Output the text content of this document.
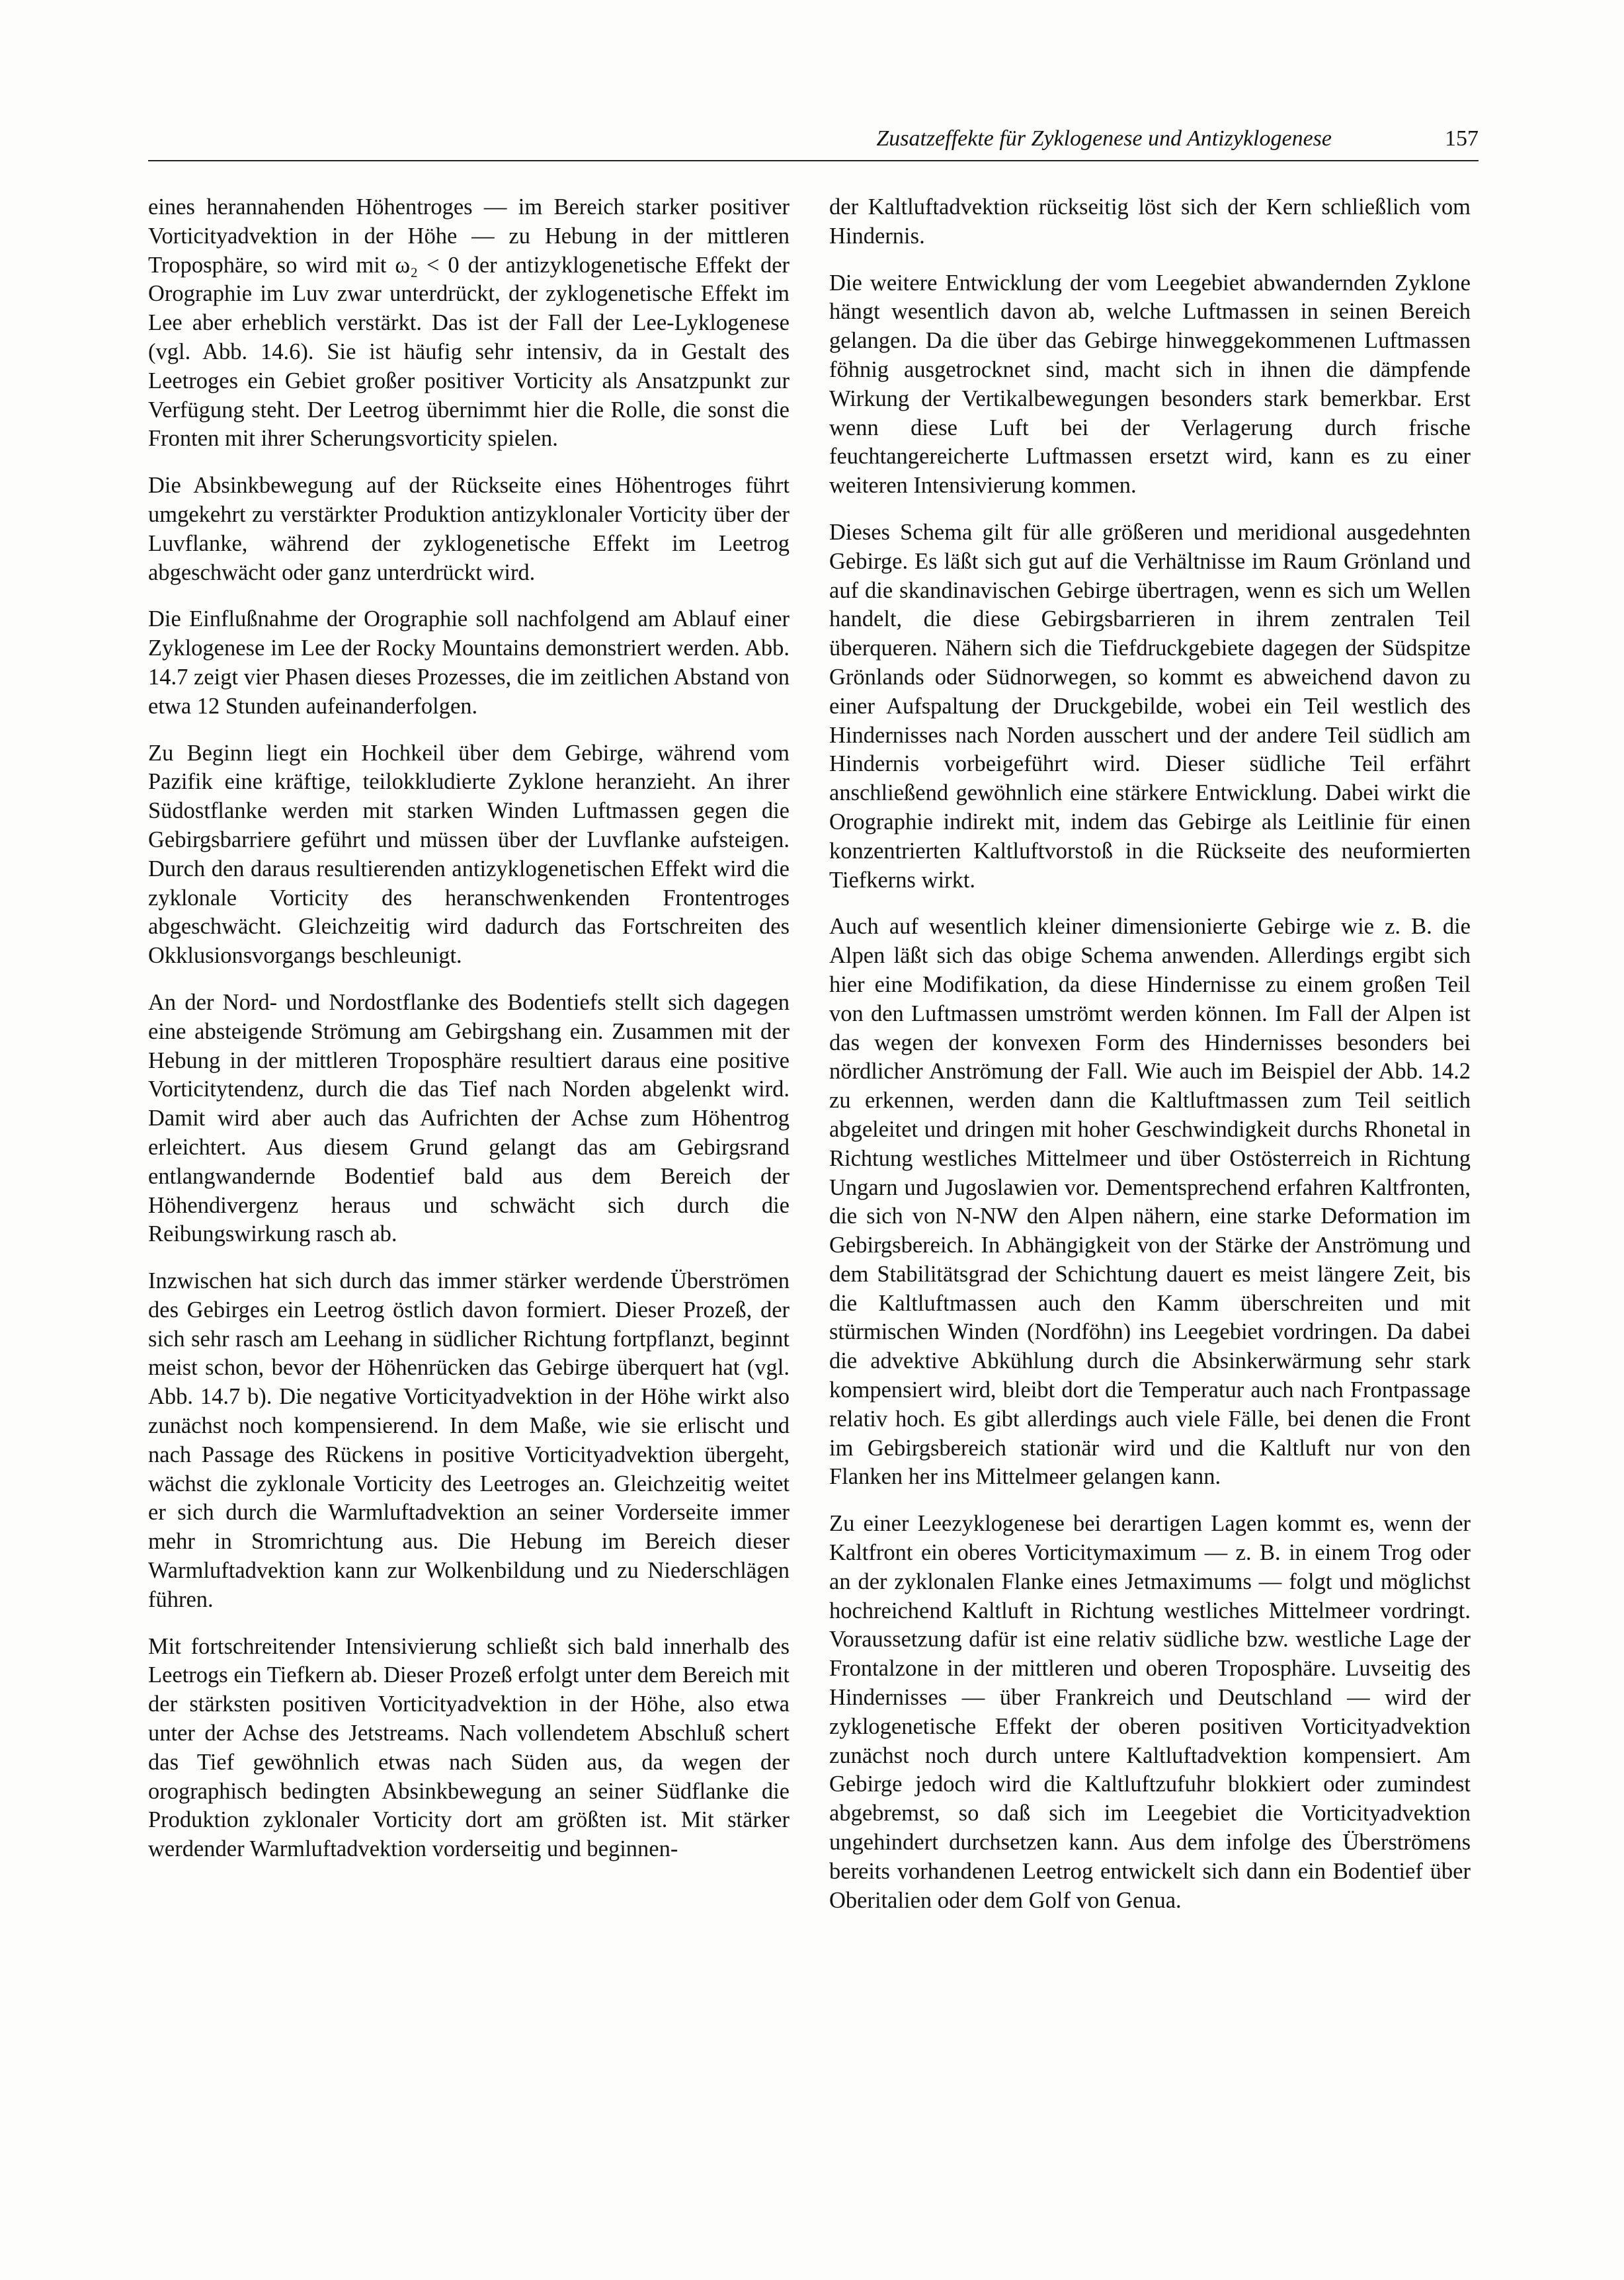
Zusatzeffekte für Zyklogenese und Antizyklogenese	157

eines herannahenden Höhentroges — im Bereich starker positiver Vorticityadvektion in der Höhe — zu Hebung in der mittleren Troposphäre, so wird mit ω₂ < 0 der antizyklogenetische Effekt der Orographie im Luv zwar unterdrückt, der zyklogenetische Effekt im Lee aber erheblich verstärkt. Das ist der Fall der Lee-Lyklogenese (vgl. Abb. 14.6). Sie ist häufig sehr intensiv, da in Gestalt des Leetroges ein Gebiet großer positiver Vorticity als Ansatzpunkt zur Verfügung steht. Der Leetrog übernimmt hier die Rolle, die sonst die Fronten mit ihrer Scherungsvorticity spielen.

Die Absinkbewegung auf der Rückseite eines Höhentroges führt umgekehrt zu verstärkter Produktion antizyklonaler Vorticity über der Luvflanke, während der zyklogenetische Effekt im Leetrog abgeschwächt oder ganz unterdrückt wird.

Die Einflußnahme der Orographie soll nachfolgend am Ablauf einer Zyklogenese im Lee der Rocky Mountains demonstriert werden. Abb. 14.7 zeigt vier Phasen dieses Prozesses, die im zeitlichen Abstand von etwa 12 Stunden aufeinanderfolgen.

Zu Beginn liegt ein Hochkeil über dem Gebirge, während vom Pazifik eine kräftige, teilokkludierte Zyklone heranzieht. An ihrer Südostflanke werden mit starken Winden Luftmassen gegen die Gebirgsbarriere geführt und müssen über der Luvflanke aufsteigen. Durch den daraus resultierenden antizyklogenetischen Effekt wird die zyklonale Vorticity des heranschwenkenden Frontentroges abgeschwächt. Gleichzeitig wird dadurch das Fortschreiten des Okklusionsvorgangs beschleunigt.

An der Nord- und Nordostflanke des Bodentiefs stellt sich dagegen eine absteigende Strömung am Gebirgshang ein. Zusammen mit der Hebung in der mittleren Troposphäre resultiert daraus eine positive Vorticitytendenz, durch die das Tief nach Norden abgelenkt wird. Damit wird aber auch das Aufrichten der Achse zum Höhentrog erleichtert. Aus diesem Grund gelangt das am Gebirgsrand entlangwandernde Bodentief bald aus dem Bereich der Höhendivergenz heraus und schwächt sich durch die Reibungswirkung rasch ab.

Inzwischen hat sich durch das immer stärker werdende Überströmen des Gebirges ein Leetrog östlich davon formiert. Dieser Prozeß, der sich sehr rasch am Leehang in südlicher Richtung fortpflanzt, beginnt meist schon, bevor der Höhenrücken das Gebirge überquert hat (vgl. Abb. 14.7 b). Die negative Vorticityadvektion in der Höhe wirkt also zunächst noch kompensierend. In dem Maße, wie sie erlischt und nach Passage des Rückens in positive Vorticityadvektion übergeht, wächst die zyklonale Vorticity des Leetroges an. Gleichzeitig weitet er sich durch die Warmluftadvektion an seiner Vorderseite immer mehr in Stromrichtung aus. Die Hebung im Bereich dieser Warmluftadvektion kann zur Wolkenbildung und zu Niederschlägen führen.

Mit fortschreitender Intensivierung schließt sich bald innerhalb des Leetrogs ein Tiefkern ab. Dieser Prozeß erfolgt unter dem Bereich mit der stärksten positiven Vorticityadvektion in der Höhe, also etwa unter der Achse des Jetstreams. Nach vollendetem Abschluß schert das Tief gewöhnlich etwas nach Süden aus, da wegen der orographisch bedingten Absinkbewegung an seiner Südflanke die Produktion zyklonaler Vorticity dort am größten ist. Mit stärker werdender Warmluftadvektion vorderseitig und beginnen-

der Kaltluftadvektion rückseitig löst sich der Kern schließlich vom Hindernis.

Die weitere Entwicklung der vom Leegebiet abwandernden Zyklone hängt wesentlich davon ab, welche Luftmassen in seinen Bereich gelangen. Da die über das Gebirge hinweggekommenen Luftmassen föhnig ausgetrocknet sind, macht sich in ihnen die dämpfende Wirkung der Vertikalbewegungen besonders stark bemerkbar. Erst wenn diese Luft bei der Verlagerung durch frische feuchtangereicherte Luftmassen ersetzt wird, kann es zu einer weiteren Intensivierung kommen.

Dieses Schema gilt für alle größeren und meridional ausgedehnten Gebirge. Es läßt sich gut auf die Verhältnisse im Raum Grönland und auf die skandinavischen Gebirge übertragen, wenn es sich um Wellen handelt, die diese Gebirgsbarrieren in ihrem zentralen Teil überqueren. Nähern sich die Tiefdruckgebiete dagegen der Südspitze Grönlands oder Südnorwegen, so kommt es abweichend davon zu einer Aufspaltung der Druckgebilde, wobei ein Teil westlich des Hindernisses nach Norden ausschert und der andere Teil südlich am Hindernis vorbeigeführt wird. Dieser südliche Teil erfährt anschließend gewöhnlich eine stärkere Entwicklung. Dabei wirkt die Orographie indirekt mit, indem das Gebirge als Leitlinie für einen konzentrierten Kaltluftvorstoß in die Rückseite des neuformierten Tiefkerns wirkt.

Auch auf wesentlich kleiner dimensionierte Gebirge wie z. B. die Alpen läßt sich das obige Schema anwenden. Allerdings ergibt sich hier eine Modifikation, da diese Hindernisse zu einem großen Teil von den Luftmassen umströmt werden können. Im Fall der Alpen ist das wegen der konvexen Form des Hindernisses besonders bei nördlicher Anströmung der Fall. Wie auch im Beispiel der Abb. 14.2 zu erkennen, werden dann die Kaltluftmassen zum Teil seitlich abgeleitet und dringen mit hoher Geschwindigkeit durchs Rhonetal in Richtung westliches Mittelmeer und über Ostösterreich in Richtung Ungarn und Jugoslawien vor. Dementsprechend erfahren Kaltfronten, die sich von N-NW den Alpen nähern, eine starke Deformation im Gebirgsbereich. In Abhängigkeit von der Stärke der Anströmung und dem Stabilitätsgrad der Schichtung dauert es meist längere Zeit, bis die Kaltluftmassen auch den Kamm überschreiten und mit stürmischen Winden (Nordföhn) ins Leegebiet vordringen. Da dabei die advektive Abkühlung durch die Absinkerwärmung sehr stark kompensiert wird, bleibt dort die Temperatur auch nach Frontpassage relativ hoch. Es gibt allerdings auch viele Fälle, bei denen die Front im Gebirgsbereich stationär wird und die Kaltluft nur von den Flanken her ins Mittelmeer gelangen kann.

Zu einer Leezyklogenese bei derartigen Lagen kommt es, wenn der Kaltfront ein oberes Vorticitymaximum — z. B. in einem Trog oder an der zyklonalen Flanke eines Jetmaximums — folgt und möglichst hochreichend Kaltluft in Richtung westliches Mittelmeer vordringt. Voraussetzung dafür ist eine relativ südliche bzw. westliche Lage der Frontalzone in der mittleren und oberen Troposphäre. Luvseitig des Hindernisses — über Frankreich und Deutschland — wird der zyklogenetische Effekt der oberen positiven Vorticityadvektion zunächst noch durch untere Kaltluftadvektion kompensiert. Am Gebirge jedoch wird die Kaltluftzufuhr blokkiert oder zumindest abgebremst, so daß sich im Leegebiet die Vorticityadvektion ungehindert durchsetzen kann. Aus dem infolge des Überströmens bereits vorhandenen Leetrog entwickelt sich dann ein Bodentief über Oberitalien oder dem Golf von Genua.
